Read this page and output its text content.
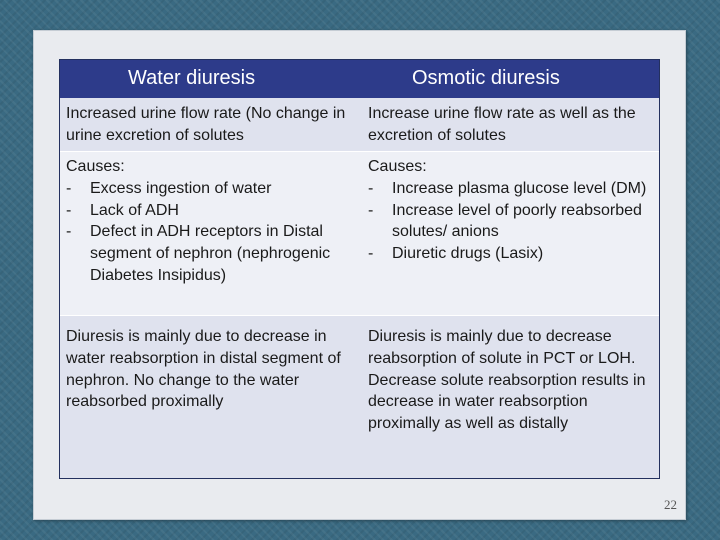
Water diuresis	Osmotic diuresis
Increased urine flow rate (No change in urine excretion of solutes
Increase urine flow rate as well as the excretion of solutes
Causes:
- Excess ingestion of water
- Lack of ADH
- Defect in ADH receptors in Distal segment of nephron (nephrogenic Diabetes Insipidus)
Causes:
- Increase plasma glucose level (DM)
- Increase level of poorly reabsorbed solutes/ anions
- Diuretic drugs (Lasix)
Diuresis is mainly due to decrease in water reabsorption in distal segment of nephron. No change to the water reabsorbed proximally
Diuresis is mainly due to decrease reabsorption of solute in PCT or LOH. Decrease solute reabsorption results in decrease in water reabsorption proximally as well as distally
22
